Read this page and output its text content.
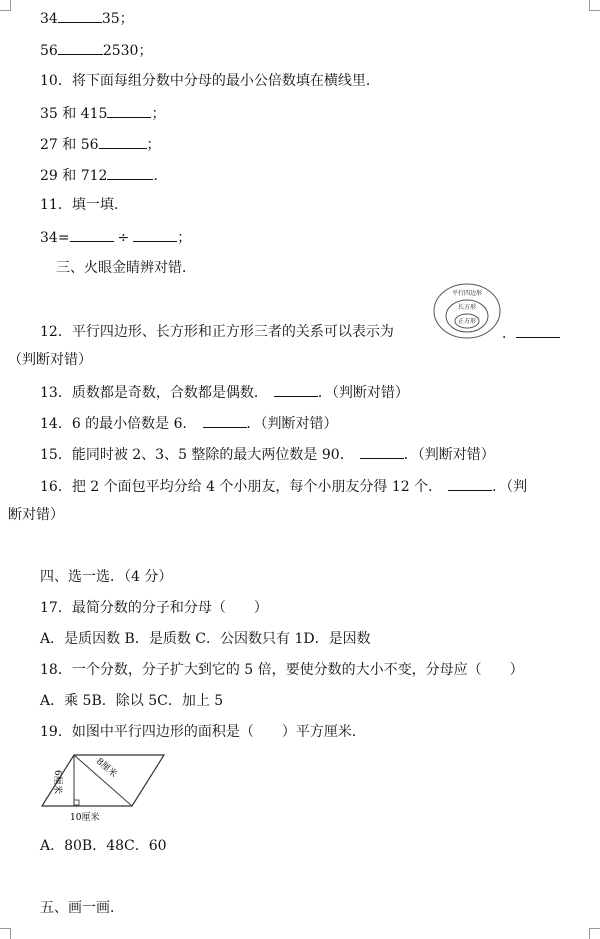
34	35；
56	2530；
10．将下面每组分数中分母的最小公倍数填在横线里．
35 和 415	；
27 和 56	；
29 和 712	．
11．填一填．
34=	÷	；
三、火眼金睛辨对错．
平行四边形
长方形
正方形
12．平行四边形、长方形和正方形三者的关系可以表示为	．
（判断对错）
13．质数都是奇数，合数都是偶数．	．（判断对错）
14．6 的最小倍数是 6．	．（判断对错）
15．能同时被 2、3、5 整除的最大两位数是 90．	．（判断对错）
16．把 2 个面包平均分给 4 个小朋友，每个小朋友分得 12 个．	．（判
断对错）
四、选一选．（4 分）
17．最简分数的分子和分母（　　）
A．是质因数 B．是质数 C．公因数只有 1D．是因数
18．一个分数，分子扩大到它的 5 倍，要使分数的大小不变，分母应（　　）
A．乘 5B．除以 5C．加上 5
19．如图中平行四边形的面积是（　　）平方厘米．
6厘米
8厘米
10厘米
A．80B．48C．60
五、画一画．
